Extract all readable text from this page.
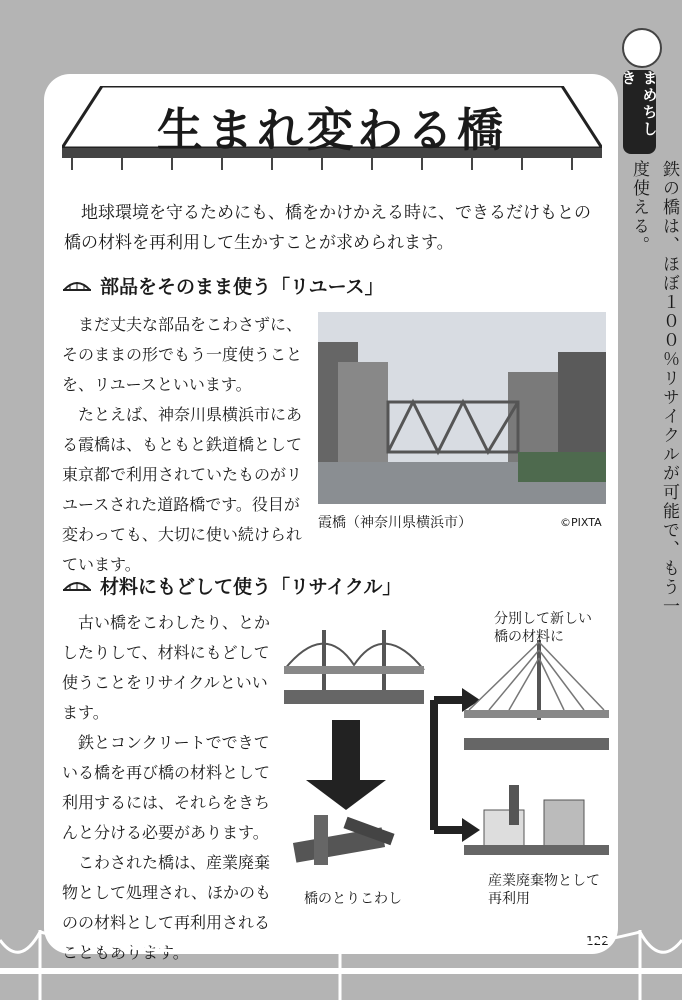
生まれ変わる橋
地球環境を守るためにも、橋をかけかえる時に、できるだけもとの
橋の材料を再利用して生かすことが求められます。
部品をそのまま使う「リユース」
まだ丈夫な部品をこわさずに、
そのままの形でもう一度使うこと
を、リユースといいます。
たとえば、神奈川県横浜市にあ
る霞橋は、もともと鉄道橋として
東京都で利用されていたものがリ
ユースされた道路橋です。役目が
変わっても、大切に使い続けられ
ています。
霞橋（神奈川県横浜市）	©PIXTA
材料にもどして使う「リサイクル」
古い橋をこわしたり、とか
したりして、材料にもどして
使うことをリサイクルといい
ます。
鉄とコンクリートでできて
いる橋を再び橋の材料として
利用するには、それらをきち
んと分ける必要があります。
こわされた橋は、産業廃棄
物として処理され、ほかのも
のの材料として再利用される
こともあります。
分別して新しい
橋の材料に
橋のとりこわし
産業廃棄物として
再利用
まめちしき
鉄の橋は、ほぼ１００％リサイクルが可能で、もう一度使える。
122
